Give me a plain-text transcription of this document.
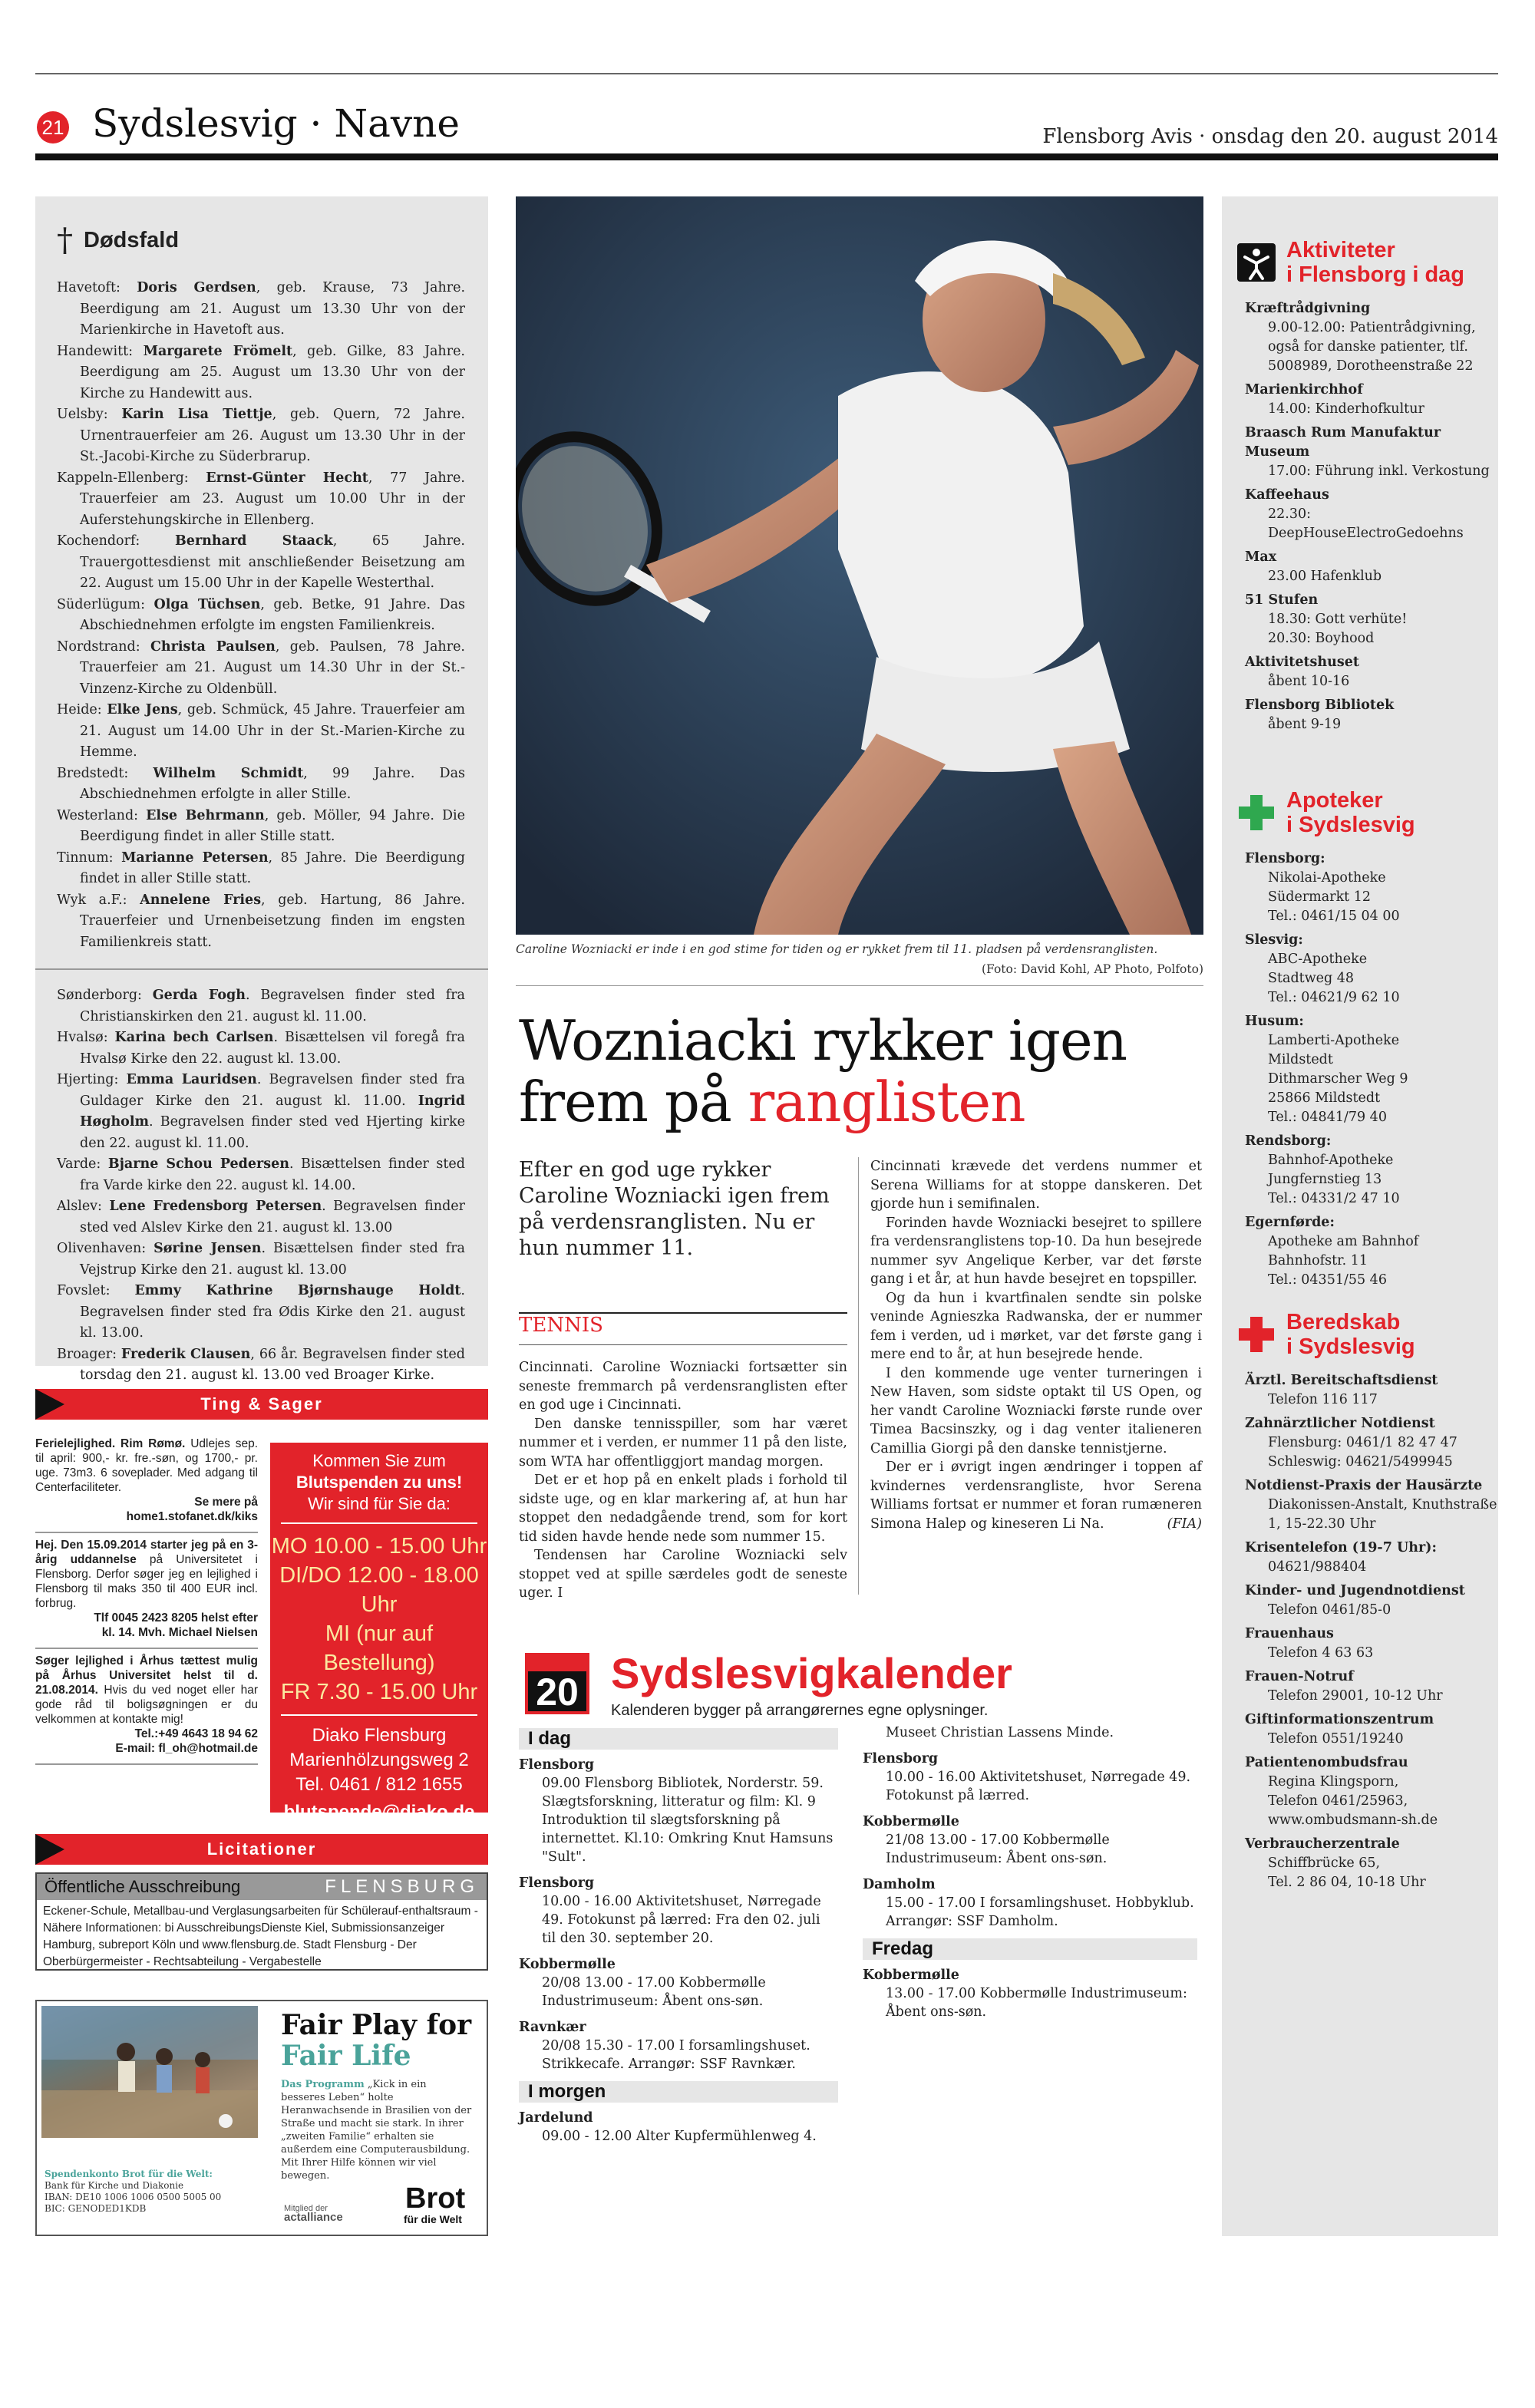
21 Sydslesvig · Navne	Flensborg Avis · onsdag den 20. august 2014
† Dødsfald
Havetoft: Doris Gerdsen, geb. Krause, 73 Jahre. Beerdigung am 21. August um 13.30 Uhr von der Marienkirche in Havetoft aus.
Handewitt: Margarete Frömelt, geb. Gilke, 83 Jahre. Beerdigung am 25. August um 13.30 Uhr von der Kirche zu Handewitt aus.
Uelsby: Karin Lisa Tiettje, geb. Quern, 72 Jahre. Urnentrauerfeier am 26. August um 13.30 Uhr in der St.-Jacobi-Kirche zu Süderbrarup.
Kappeln-Ellenberg: Ernst-Günter Hecht, 77 Jahre. Trauerfeier am 23. August um 10.00 Uhr in der Auferstehungskirche in Ellenberg.
Kochendorf:	Bernhard Staack, 65 Jahre. Trauergottesdienst mit anschließender Beisetzung am 22. August um 15.00 Uhr in der Kapelle Westerthal.
Süderlügum: Olga Tüchsen, geb. Betke, 91 Jahre. Das Abschiednehmen erfolgte im engsten Familienkreis.
Nordstrand: Christa Paulsen, geb. Paulsen, 78 Jahre. Trauerfeier am 21. August um 14.30 Uhr in der St.-Vinzenz-Kirche zu Oldenbüll.
Heide: Elke Jens, geb. Schmück, 45 Jahre. Trauerfeier am 21. August um 14.00 Uhr in der St.-Marien-Kirche zu Hemme.
Bredstedt: Wilhelm Schmidt, 99 Jahre. Das Abschiednehmen erfolgte in aller Stille.
Westerland: Else Behrmann, geb. Möller, 94 Jahre. Die Beerdigung findet in aller Stille statt.
Tinnum: Marianne Petersen, 85 Jahre. Die Beerdigung findet in aller Stille statt.
Wyk a.F.: Annelene Fries, geb. Hartung, 86 Jahre. Trauerfeier und Urnenbeisetzung finden im engsten Familienkreis statt.
Sønderborg: Gerda Fogh. Begravelsen finder sted fra Christianskirken den 21. august kl. 11.00.
Hvalsø: Karina bech Carlsen. Bisættelsen vil foregå fra Hvalsø Kirke den 22. august kl. 13.00.
Hjerting: Emma Lauridsen. Begravelsen finder sted fra Guldager Kirke den 21. august kl. 11.00. Ingrid Høgholm. Begravelsen finder sted ved Hjerting kirke den 22. august kl. 11.00.
Varde: Bjarne Schou Pedersen. Bisættelsen finder sted fra Varde kirke den 22. august kl. 14.00.
Alslev: Lene Fredensborg Petersen. Begravelsen finder sted ved Alslev Kirke den 21. august kl. 13.00
Olivenhaven: Sørine Jensen. Bisættelsen finder sted fra Vejstrup Kirke den 21. august kl. 13.00
Fovslet: Emmy Kathrine Bjørnshauge Holdt. Begravelsen finder sted fra Ødis Kirke den 21. august kl. 13.00.
Broager: Frederik Clausen, 66 år. Begravelsen finder sted torsdag den 21. august kl. 13.00 ved Broager Kirke.
Ting & Sager

Ferielejlighed. Rim Rømø. Udlejes sep. til april: 900,- kr. fre.-søn, og 1700,- pr. uge. 73m3. 6 soveplader. Med adgang til Centerfaciliteter.

Se mere på

home1.stofanet.dk/kiks

Hej. Den 15.09.2014 starter jeg på en 3-årig uddannelse på Universitetet i Flensborg. Derfor søger jeg en lejlighed i Flensborg til maks 350 til 400 EUR incl. forbrug.

Tlf 0045 2423 8205 helst efter

kl. 14. Mvh. Michael Nielsen

Søger lejlighed i Århus tættest mulig på Århus Universitet helst til d. 21.08.2014. Hvis du ved noget eller har gode råd til boligsøgningen er du velkommen at kontakte mig!

Tel.:+49 4643 18 94 62

E-mail: fl_oh@hotmail.de

Kommen Sie zum
Blutspenden zu uns!
Wir sind für Sie da:
MO 10.00 - 15.00 Uhr
DI/DO 12.00 - 18.00 Uhr
MI (nur auf Bestellung)
FR 7.30 - 15.00 Uhr
Diako Flensburg
Marienhölzungsweg 2
Tel. 0461 / 812 1655
blutspende@diako.de
Licitationer
Öffentliche Ausschreibung	FLENSBURG
Eckener-Schule, Metallbau-und Verglasungsarbeiten für Schülerauf-enthaltsraum - Nähere Informationen: bi AusschreibungsDienste Kiel, Submissionsanzeiger Hamburg, subreport Köln und www.flensburg.de. Stadt Flensburg - Der Oberbürgermeister - Rechtsabteilung - Vergabestelle
Fair Play for
Fair Life
Das Programm „Kick in ein besseres Leben“ holte Heranwachsende in Brasilien von der Straße und macht sie stark. In ihrer „zweiten Familie“ erhalten sie außerdem eine Computerausbildung. Mit Ihrer Hilfe können wir viel bewegen.
Spendenkonto Brot für die Welt:
Bank für Kirche und Diakonie
IBAN: DE10 1006 1006 0500 5005 00
BIC: GENODED1KDB	Mitglied der
actalliance
Brot
für die Welt
Caroline Wozniacki er inde i en god stime for tiden og er rykket frem til 11. pladsen på verdensranglisten.
(Foto: David Kohl, AP Photo, Polfoto)
Wozniacki rykker igen
frem på ranglisten
Efter en god uge rykker Caroline Wozniacki igen frem på verdensranglisten. Nu er hun nummer 11.
TENNIS

Cincinnati. Caroline Wozniacki fortsætter sin seneste fremmarch på verdensranglisten efter en god uge i Cincinnati.

Den danske tennisspiller, som har været nummer et i verden, er nummer 11 på den liste, som WTA har offentliggjort mandag morgen.

Det er et hop på en enkelt plads i forhold til sidste uge, og en klar markering af, at hun har stoppet den nedadgående trend, som for kort tid siden havde hende nede som nummer 15.

Tendensen har Caroline Wozniacki selv stoppet ved at spille særdeles godt de seneste uger. I

Cincinnati krævede det verdens nummer et Serena Williams for at stoppe danskeren. Det gjorde hun i semifinalen.

Forinden havde Wozniacki besejret to spillere fra verdensranglistens top-10. Da hun besejrede nummer syv Angelique Kerber, var det første gang i et år, at hun havde besejret en topspiller.

Og da hun i kvartfinalen sendte sin polske veninde Agnieszka Radwanska, der er nummer fem i verden, ud i mørket, var det første gang i mere end to år, at hun besejrede hende.

I den kommende uge venter turneringen i New Haven, som sidste optakt til US Open, og her vandt Caroline Wozniacki første runde over Timea Bacsinszky, og i dag venter italieneren Camillia Giorgi på den danske tennistjerne.

Der er i øvrigt ingen ændringer i toppen af kvindernes verdensrangliste, hvor Serena Williams fortsat er nummer et foran rumæneren Simona Halep og kineseren Li Na.	(FIA)

20 Sydslesvigkalender
Kalenderen bygger på arrangørernes egne oplysninger.
I dag
Flensborg
09.00 Flensborg Bibliotek, Norderstr. 59. Slægtsforskning, litteratur og film: Kl. 9 Introduktion til slægtsforskning på internettet. Kl.10: Omkring Knut Hamsuns "Sult".
Flensborg
10.00 - 16.00 Aktivitetshuset, Nørregade 49. Fotokunst på lærred: Fra den 02. juli til den 30. september 20.
Kobbermølle
20/08 13.00 - 17.00 Kobbermølle Industrimuseum: Åbent ons-søn.
Ravnkær
20/08 15.30 - 17.00 I forsamlingshuset. Strikkecafe. Arrangør: SSF Ravnkær.
I morgen
Jardelund
09.00 - 12.00 Alter Kupfermühlenweg 4.
Museet Christian Lassens Minde.
Flensborg
10.00 - 16.00 Aktivitetshuset, Nørregade 49. Fotokunst på lærred.
Kobbermølle
21/08 13.00 - 17.00 Kobbermølle Industrimuseum: Åbent ons-søn.
Damholm
15.00 - 17.00 I forsamlingshuset. Hobbyklub. Arrangør: SSF Damholm.
Fredag
Kobbermølle
13.00 - 17.00 Kobbermølle Industrimuseum: Åbent ons-søn.
Aktiviteter
i Flensborg i dag
Kræftrådgivning
9.00-12.00: Patientrådgivning, også for danske patienter, tlf. 5008989, Dorotheenstraße 22
Marienkirchhof
14.00: Kinderhofkultur
Braasch Rum Manufaktur Museum
17.00: Führung inkl. Verkostung
Kaffeehaus
22.30: DeepHouseElectroGedoehns
Max
23.00 Hafenklub
51 Stufen
18.30: Gott verhüte!
20.30: Boyhood
Aktivitetshuset
åbent 10-16
Flensborg Bibliotek
åbent 9-19
Apoteker
i Sydslesvig
Flensborg:
Nikolai-Apotheke
Südermarkt 12
Tel.: 0461/15 04 00
Slesvig:
ABC-Apotheke
Stadtweg 48
Tel.: 04621/9 62 10
Husum:
Lamberti-Apotheke
Mildstedt
Dithmarscher Weg 9
25866 Mildstedt
Tel.: 04841/79 40
Rendsborg:
Bahnhof-Apotheke
Jungfernstieg 13
Tel.: 04331/2 47 10
Egernførde:
Apotheke am Bahnhof
Bahnhofstr. 11
Tel.: 04351/55 46
Beredskab
i Sydslesvig
Ärztl. Bereitschaftsdienst
Telefon 116 117
Zahnärztlicher Notdienst
Flensburg: 0461/1 82 47 47
Schleswig: 04621/5499945
Notdienst-Praxis der Hausärzte
Diakonissen-Anstalt, Knuthstraße 1, 15-22.30 Uhr
Krisentelefon (19-7 Uhr):
04621/988404
Kinder- und Jugendnotdienst
Telefon 0461/85-0
Frauenhaus
Telefon 4 63 63
Frauen-Notruf
Telefon 29001, 10-12 Uhr
Giftinformationszentrum
Telefon 0551/19240
Patientenombudsfrau
Regina Klingsporn,
Telefon 0461/25963,
www.ombudsmann-sh.de
Verbraucherzentrale
Schiffbrücke 65,
Tel. 2 86 04, 10-18 Uhr
